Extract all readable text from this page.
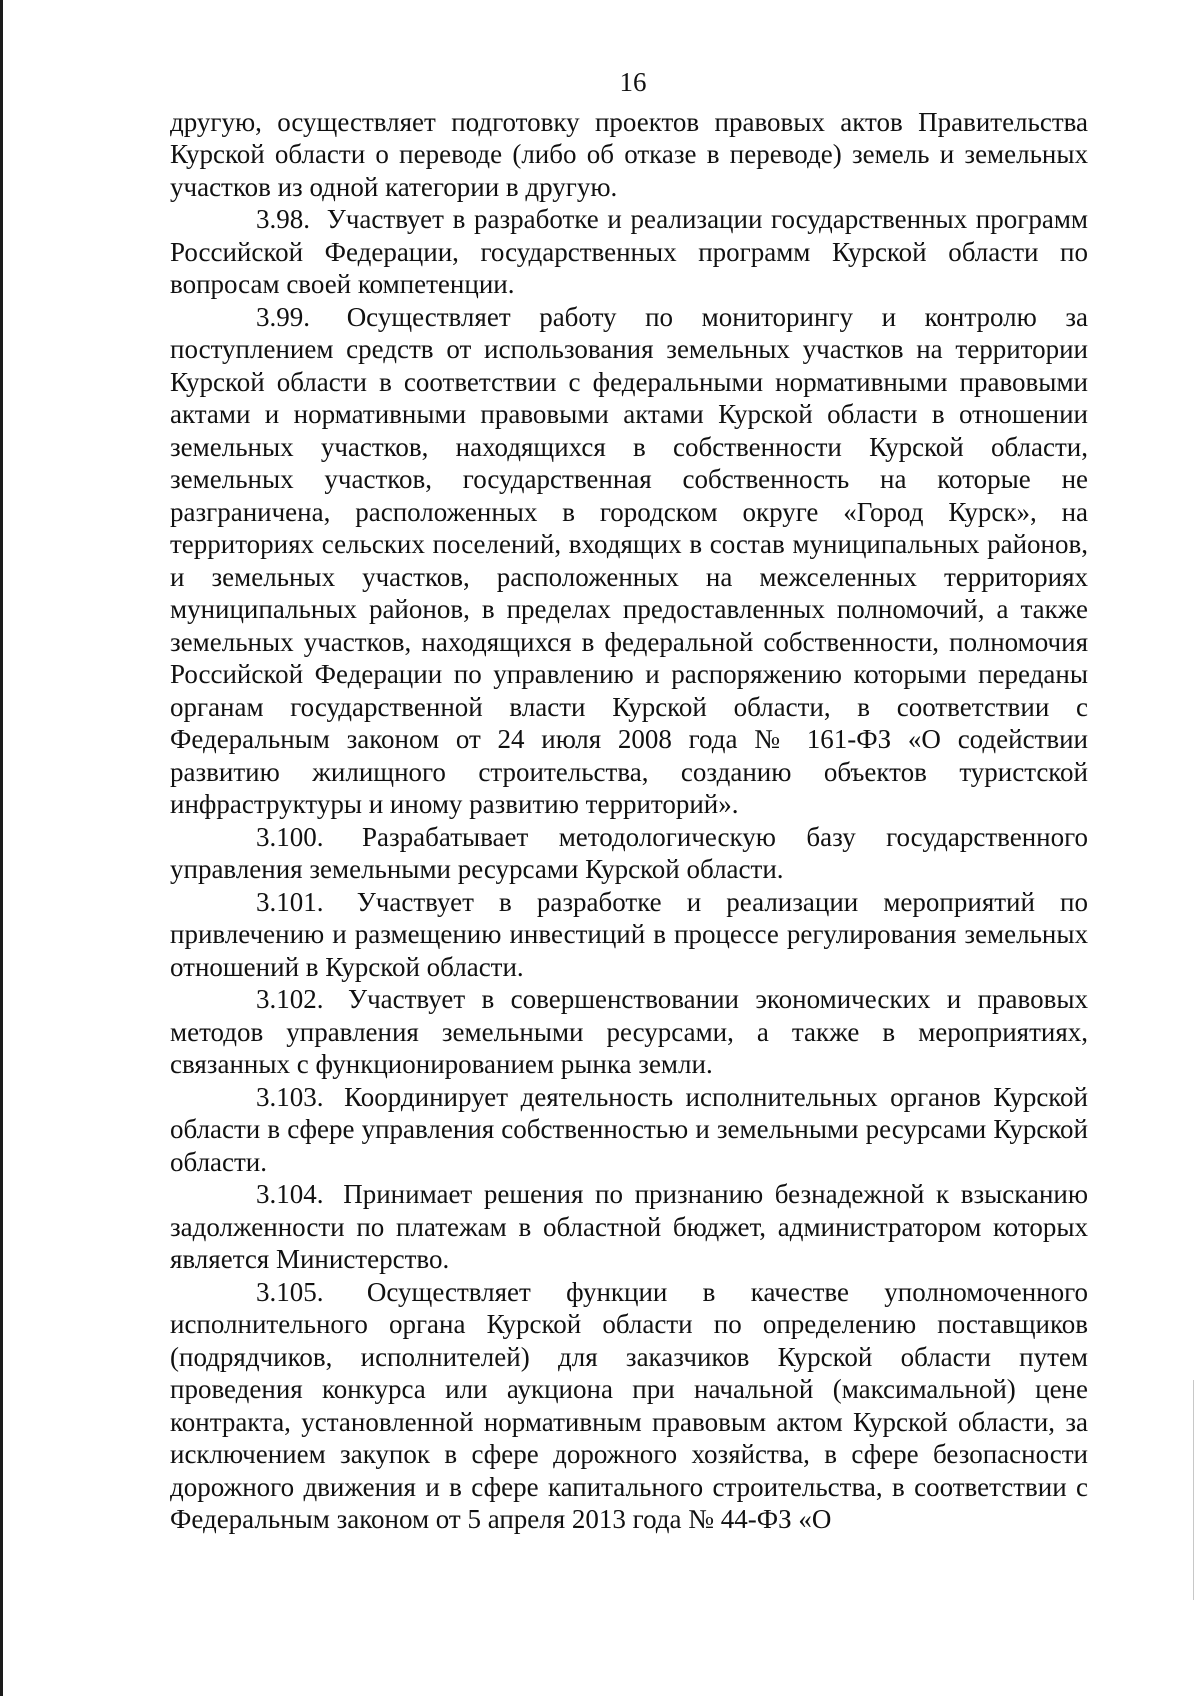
16

другую, осуществляет подготовку проектов правовых актов Правительства Курской области о переводе (либо об отказе в переводе) земель и земельных участков из одной категории в другую.

3.98. Участвует в разработке и реализации государственных программ Российской Федерации, государственных программ Курской области по вопросам своей компетенции.

3.99. Осуществляет работу по мониторингу и контролю за поступлением средств от использования земельных участков на территории Курской области в соответствии с федеральными нормативными правовыми актами и нормативными правовыми актами Курской области в отношении земельных участков, находящихся в собственности Курской области, земельных участков, государственная собственность на которые не разграничена, расположенных в городском округе «Город Курск», на территориях сельских поселений, входящих в состав муниципальных районов, и земельных участков, расположенных на межселенных территориях муниципальных районов, в пределах предоставленных полномочий, а также земельных участков, находящихся в федеральной собственности, полномочия Российской Федерации по управлению и распоряжению которыми переданы органам государственной власти Курской области, в соответствии с Федеральным законом от 24 июля 2008 года № 161-ФЗ «О содействии развитию жилищного строительства, созданию объектов туристской инфраструктуры и иному развитию территорий».

3.100. Разрабатывает методологическую базу государственного управления земельными ресурсами Курской области.

3.101. Участвует в разработке и реализации мероприятий по привлечению и размещению инвестиций в процессе регулирования земельных отношений в Курской области.

3.102. Участвует в совершенствовании экономических и правовых методов управления земельными ресурсами, а также в мероприятиях, связанных с функционированием рынка земли.

3.103. Координирует деятельность исполнительных органов Курской области в сфере управления собственностью и земельными ресурсами Курской области.

3.104. Принимает решения по признанию безнадежной к взысканию задолженности по платежам в областной бюджет, администратором которых является Министерство.

3.105. Осуществляет функции в качестве уполномоченного исполнительного органа Курской области по определению поставщиков (подрядчиков, исполнителей) для заказчиков Курской области путем проведения конкурса или аукциона при начальной (максимальной) цене контракта, установленной нормативным правовым актом Курской области, за исключением закупок в сфере дорожного хозяйства, в сфере безопасности дорожного движения и в сфере капитального строительства, в соответствии с Федеральным законом от 5 апреля 2013 года № 44-ФЗ «О
